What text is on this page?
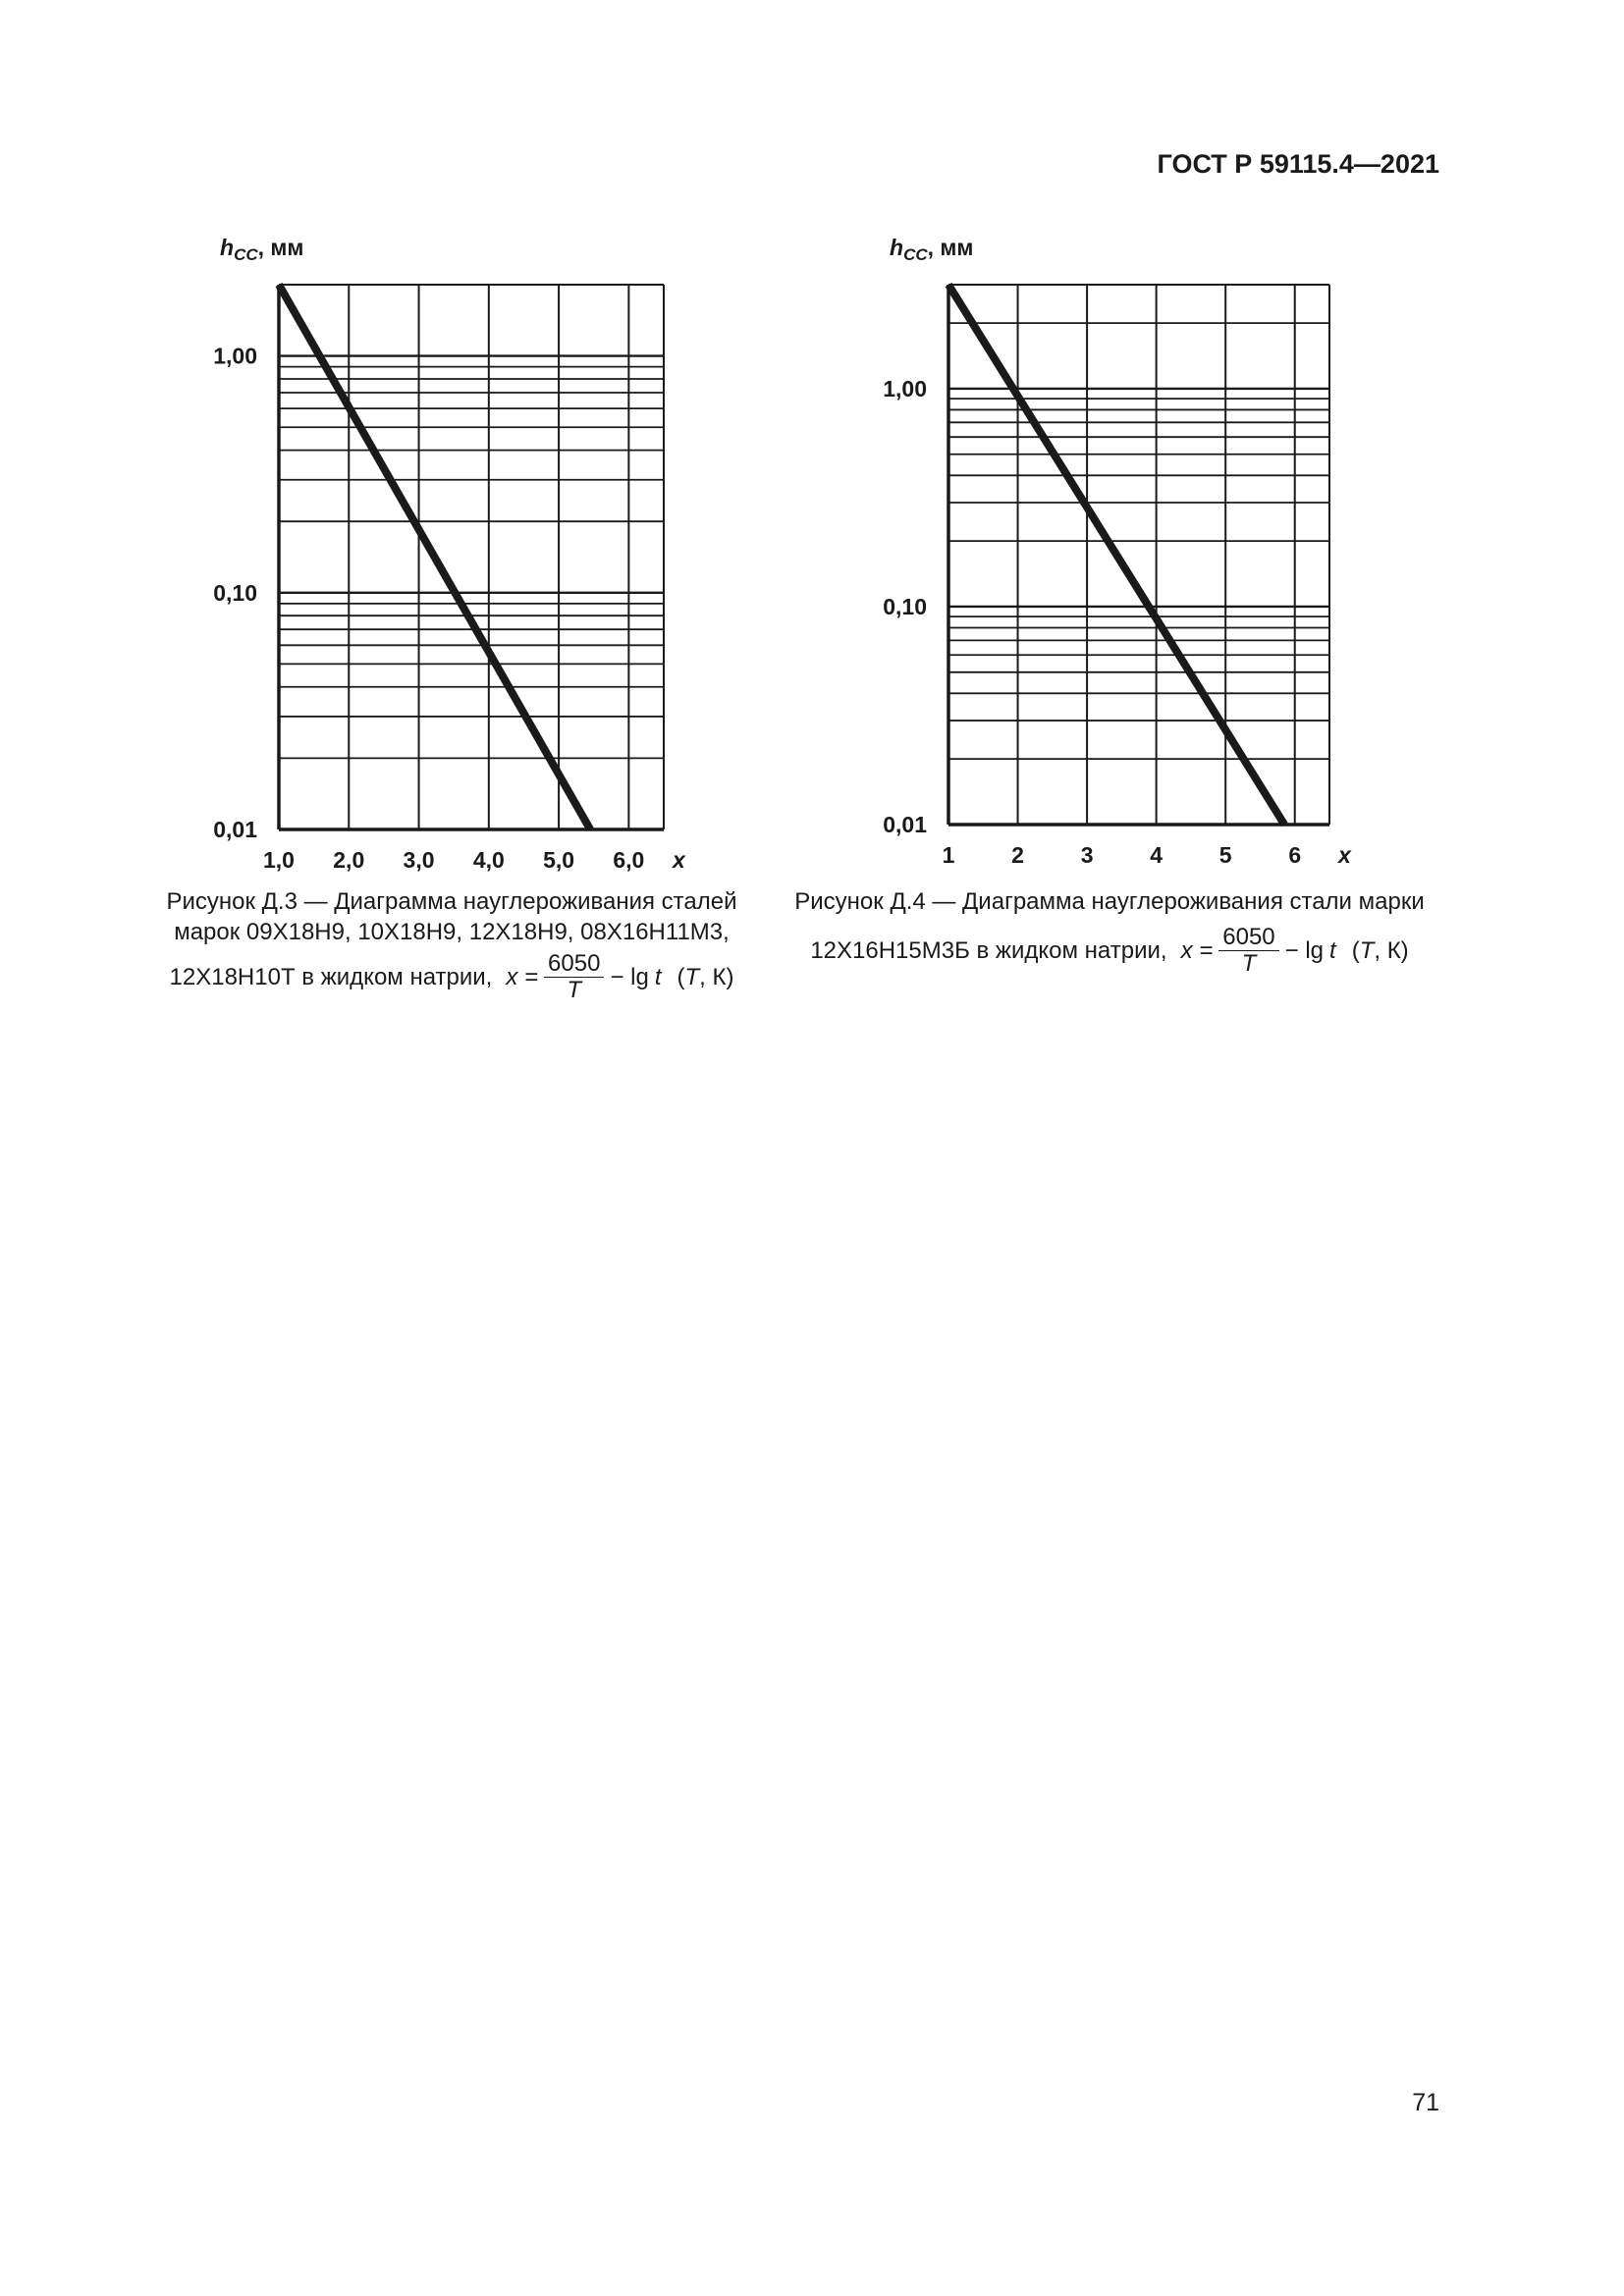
ГОСТ Р 59115.4—2021
1,0 2,0 3,0 4,0 5,0 6,0 x
0,01
0,10
1,00
$h_{CC}$, мм
1	2	3	4	5	6 x
0,01
0,10
1,00
$h_{CC}$, мм
Рисунок Д.3 — Диаграмма науглероживания сталей
марок 09Х18Н9, 10Х18Н9, 12Х18Н9, 08Х16Н11М3,
12Х18Н10Т в жидком натрии, $x = \frac{6050}{T} - \lg t$ (T, К)
Рисунок Д.4 — Диаграмма науглероживания стали марки
12Х16Н15М3Б в жидком натрии, $x = \frac{6050}{T} - \lg t$ (T, К)
71
